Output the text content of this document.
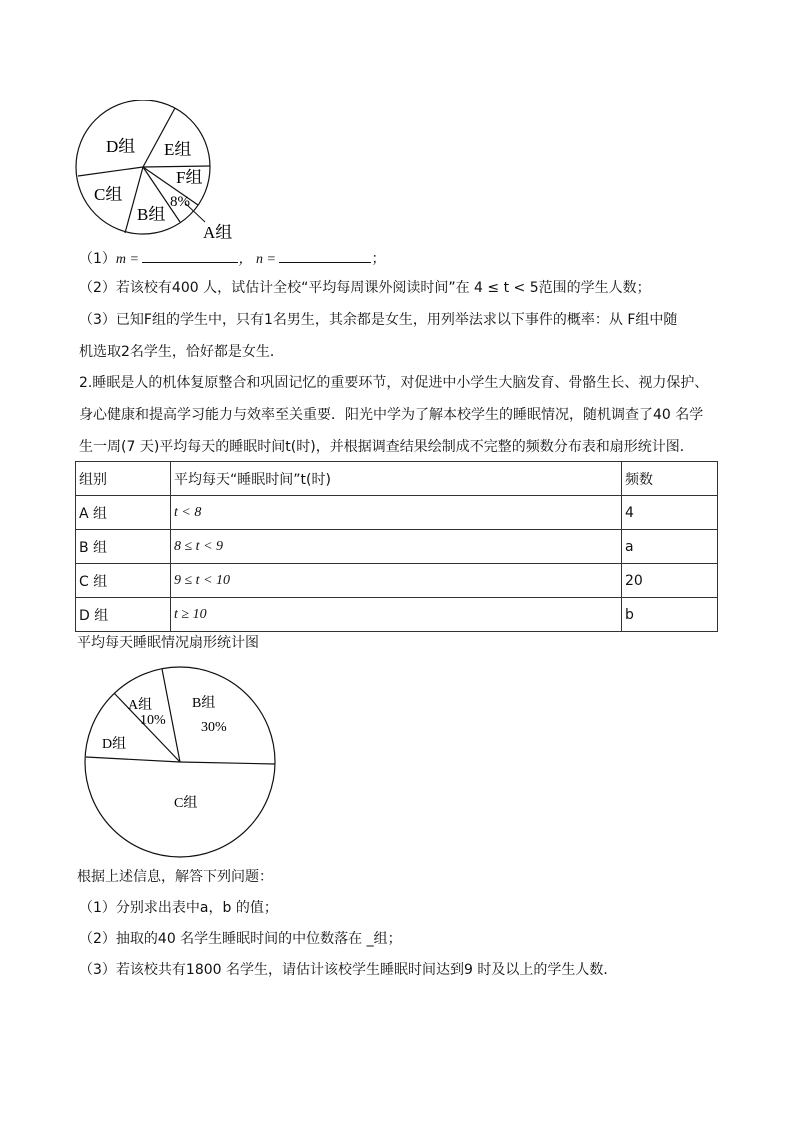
D组 E组
F组
C组
B组
8%
A组
（1）m =	， n =	；
（2）若该校有400 人，试估计全校“平均每周课外阅读时间”在 4 ≤ t < 5范围的学生人数；
（3）已知F组的学生中，只有1名男生，其余都是女生，用列举法求以下事件的概率：从 F组中随
机选取2名学生，恰好都是女生．
2.睡眠是人的机体复原整合和巩固记忆的重要环节，对促进中小学生大脑发育、骨骼生长、视力保护、
身心健康和提高学习能力与效率至关重要．阳光中学为了解本校学生的睡眠情况，随机调查了40 名学
生一周(7 天)平均每天的睡眠时间t(时)，并根据调查结果绘制成不完整的频数分布表和扇形统计图．
组别	平均每天“睡眠时间”t(时)	频数
A 组	t < 8	4
B 组	8 ≤ t < 9	a
C 组	9 ≤ t < 10	20
D 组	t ≥ 10	b
平均每天睡眠情况扇形统计图
A组
10%
B组
30%
D组
C组
根据上述信息，解答下列问题：
（1）分别求出表中a，b 的值；
（2）抽取的40 名学生睡眠时间的中位数落在 _组；
（3）若该校共有1800 名学生，请估计该校学生睡眠时间达到9 时及以上的学生人数．
